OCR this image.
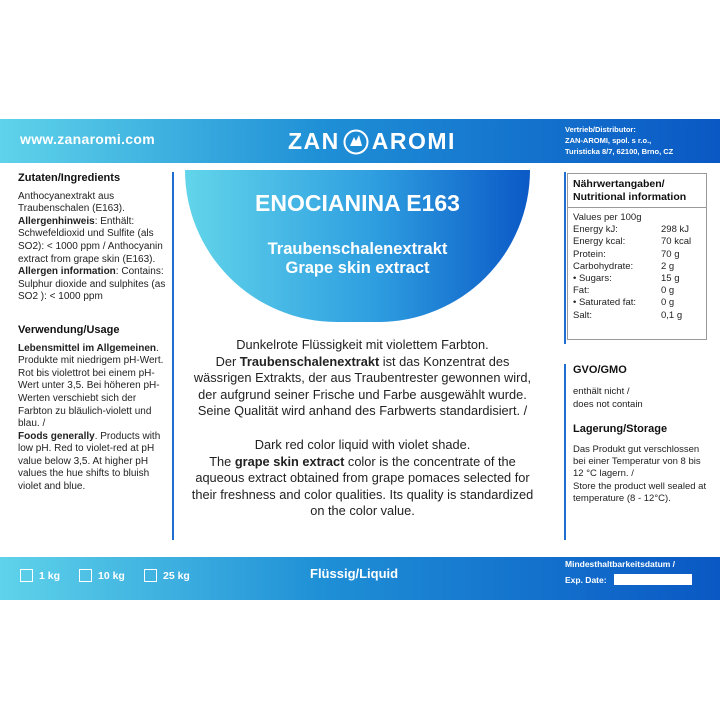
www.zanaromi.com	ZAN AROMI	Vertrieb/Distributor:
ZAN-AROMI, spol. s r.o.,
Turisticka 8/7, 62100, Brno, CZ
Zutaten/Ingredients

Anthocyanextrakt aus Traubenschalen (E163). Allergenhinweis: Enthält: Schwefeldioxid und Sulfite (als SO2): < 1000 ppm / Anthocyanin extract from grape skin (E163). Allergen information: Contains: Sulphur dioxide and sulphites (as SO2 ): < 1000 ppm

Verwendung/Usage

Lebensmittel im Allgemeinen. Produkte mit niedrigem pH-Wert. Rot bis violettrot bei einem pH-Wert unter 3,5. Bei höheren pH-Werten verschiebt sich der Farbton zu bläulich-violett und blau. /
Foods generally. Products with low pH. Red to violet-red at pH value below 3,5. At higher pH values the hue shifts to bluish violet and blue.

ENOCIANINA E163
Traubenschalenextrakt
Grape skin extract

Dunkelrote Flüssigkeit mit violettem Farbton.
Der Traubenschalenextrakt ist das Konzentrat des wässrigen Extrakts, der aus Traubentrester gewonnen wird, der aufgrund seiner Frische und Farbe ausgewählt wurde. Seine Qualität wird anhand des Farbwerts standardisiert. /

Dark red color liquid with violet shade.
The grape skin extract color is the concentrate of the aqueous extract obtained from grape pomaces selected for their freshness and color qualities. Its quality is standardized on the color value.

Nährwertangaben/ Nutritional information
Values per 100g
Energy kJ:	298 kJ
Energy kcal:	70 kcal
Protein:	70 g
Carbohydrate:	2 g
• Sugars:	15 g
Fat:	0 g
• Saturated fat:	0 g
Salt:	0,1 g
GVO/GMO

enthält nicht /
does not contain

Lagerung/Storage

Das Produkt gut verschlossen bei einer Temperatur von 8 bis 12 °C lagern. /
Store the product well sealed at temperature (8 - 12°C).

1 kg	10 kg	25 kg	Flüssig/Liquid
Mindesthaltbarkeitsdatum /
Exp. Date:
